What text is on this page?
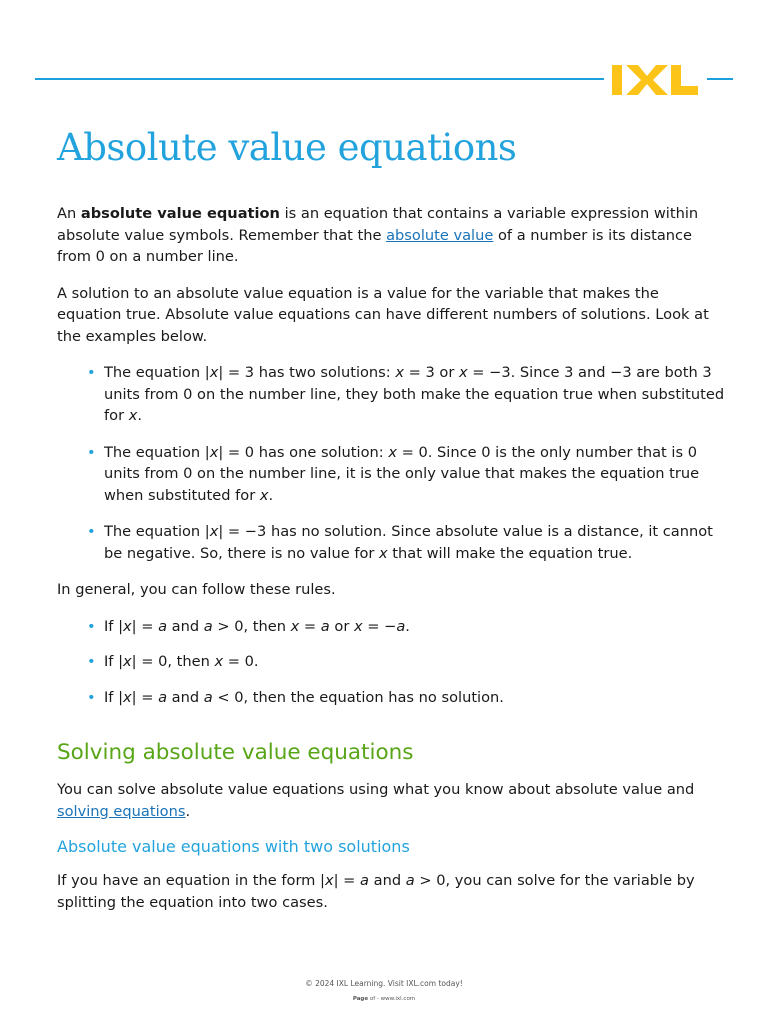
Absolute value equations

An absolute value equation is an equation that contains a variable expression within absolute value symbols. Remember that the absolute value of a number is its distance from 0 on a number line.

A solution to an absolute value equation is a value for the variable that makes the equation true. Absolute value equations can have different numbers of solutions. Look at the examples below.

• The equation |x| = 3 has two solutions: x = 3 or x = −3. Since 3 and −3 are both 3 units from 0 on the number line, they both make the equation true when substituted for x.
• The equation |x| = 0 has one solution: x = 0. Since 0 is the only number that is 0 units from 0 on the number line, it is the only value that makes the equation true when substituted for x.
• The equation |x| = −3 has no solution. Since absolute value is a distance, it cannot be negative. So, there is no value for x that will make the equation true.

In general, you can follow these rules.

• If |x| = a and a > 0, then x = a or x = −a.
• If |x| = 0, then x = 0.
• If |x| = a and a < 0, then the equation has no solution.
Solving absolute value equations

You can solve absolute value equations using what you know about absolute value and solving equations.

Absolute value equations with two solutions

If you have an equation in the form |x| = a and a > 0, you can solve for the variable by splitting the equation into two cases.

© 2024 IXL Learning. Visit IXL.com today!
Page of - www.ixl.com
